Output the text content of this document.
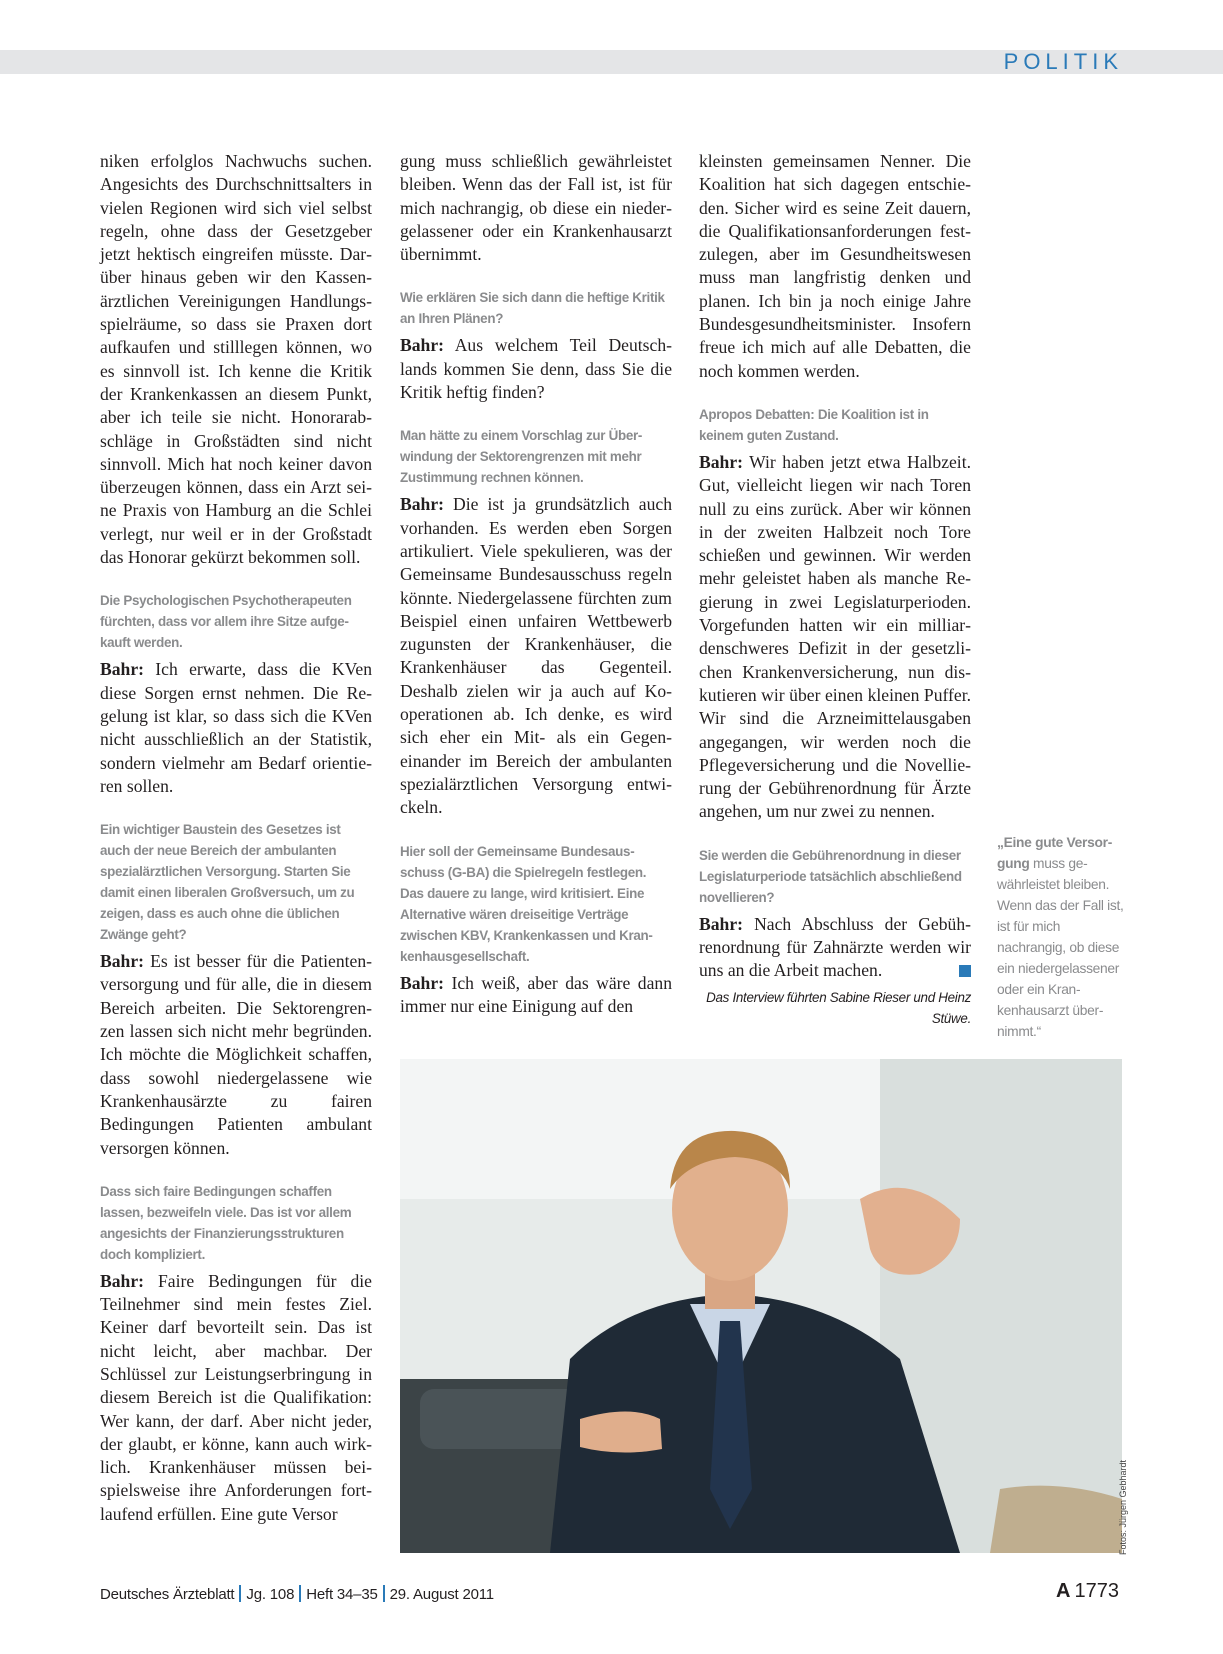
POLITIK
niken erfolglos Nachwuchs suchen. Angesichts des Durchschnittsalters in vielen Regionen wird sich viel selbst regeln, ohne dass der Gesetzgeber jetzt hektisch eingreifen müsste. Darüber hinaus geben wir den Kassenärztlichen Vereinigungen Handlungsspielräume, so dass sie Praxen dort aufkaufen und stilllegen können, wo es sinnvoll ist. Ich kenne die Kritik der Krankenkassen an diesem Punkt, aber ich teile sie nicht. Honorarabschläge in Großstädten sind nicht sinnvoll. Mich hat noch keiner davon überzeugen können, dass ein Arzt seine Praxis von Hamburg an die Schlei verlegt, nur weil er in der Großstadt das Honorar gekürzt bekommen soll.
Die Psychologischen Psychotherapeuten fürchten, dass vor allem ihre Sitze aufgekauft werden.
Bahr: Ich erwarte, dass die KVen diese Sorgen ernst nehmen. Die Regelung ist klar, so dass sich die KVen nicht ausschließlich an der Statistik, sondern vielmehr am Bedarf orientieren sollen.
Ein wichtiger Baustein des Gesetzes ist auch der neue Bereich der ambulanten spezialärztlichen Versorgung. Starten Sie damit einen liberalen Großversuch, um zu zeigen, dass es auch ohne die üblichen Zwänge geht?
Bahr: Es ist besser für die Patientenversorgung und für alle, die in diesem Bereich arbeiten. Die Sektorengrenzen lassen sich nicht mehr begründen. Ich möchte die Möglichkeit schaffen, dass sowohl niedergelassene wie Krankenhausärzte zu fairen Bedingungen Patienten ambulant versorgen können.
Dass sich faire Bedingungen schaffen lassen, bezweifeln viele. Das ist vor allem angesichts der Finanzierungsstrukturen doch kompliziert.
Bahr: Faire Bedingungen für die Teilnehmer sind mein festes Ziel. Keiner darf bevorteilt sein. Das ist nicht leicht, aber machbar. Der Schlüssel zur Leistungserbringung in diesem Bereich ist die Qualifikation: Wer kann, der darf. Aber nicht jeder, der glaubt, er könne, kann auch wirklich. Krankenhäuser müssen beispielsweise ihre Anforderungen fortlaufend erfüllen. Eine gute Versor
gung muss schließlich gewährleistet bleiben. Wenn das der Fall ist, ist für mich nachrangig, ob diese ein niedergelassener oder ein Krankenhausarzt übernimmt.
Wie erklären Sie sich dann die heftige Kritik an Ihren Plänen?
Bahr: Aus welchem Teil Deutschlands kommen Sie denn, dass Sie die Kritik heftig finden?
Man hätte zu einem Vorschlag zur Überwindung der Sektorengrenzen mit mehr Zustimmung rechnen können.
Bahr: Die ist ja grundsätzlich auch vorhanden. Es werden eben Sorgen artikuliert. Viele spekulieren, was der Gemeinsame Bundesausschuss regeln könnte. Niedergelassene fürchten zum Beispiel einen unfairen Wettbewerb zugunsten der Krankenhäuser, die Krankenhäuser das Gegenteil. Deshalb zielen wir ja auch auf Kooperationen ab. Ich denke, es wird sich eher ein Mit- als ein Gegeneinander im Bereich der ambulanten spezialärztlichen Versorgung entwickeln.
Hier soll der Gemeinsame Bundesausschuss (G-BA) die Spielregeln festlegen. Das dauere zu lange, wird kritisiert. Eine Alternative wären dreiseitige Verträge zwischen KBV, Krankenkassen und Krankenhausgesellschaft.
Bahr: Ich weiß, aber das wäre dann immer nur eine Einigung auf den
kleinsten gemeinsamen Nenner. Die Koalition hat sich dagegen entschieden. Sicher wird es seine Zeit dauern, die Qualifikationsanforderungen festzulegen, aber im Gesundheitswesen muss man langfristig denken und planen. Ich bin ja noch einige Jahre Bundesgesundheitsminister. Insofern freue ich mich auf alle Debatten, die noch kommen werden.
Apropos Debatten: Die Koalition ist in keinem guten Zustand.
Bahr: Wir haben jetzt etwa Halbzeit. Gut, vielleicht liegen wir nach Toren null zu eins zurück. Aber wir können in der zweiten Halbzeit noch Tore schießen und gewinnen. Wir werden mehr geleistet haben als manche Regierung in zwei Legislaturperioden. Vorgefunden hatten wir ein milliardenschweres Defizit in der gesetzlichen Krankenversicherung, nun diskutieren wir über einen kleinen Puffer. Wir sind die Arzneimittelausgaben angegangen, wir werden noch die Pflegeversicherung und die Novellierung der Gebührenordnung für Ärzte angehen, um nur zwei zu nennen.
Sie werden die Gebührenordnung in dieser Legislaturperiode tatsächlich abschließend novellieren?
Bahr: Nach Abschluss der Gebührenordnung für Zahnärzte werden wir uns an die Arbeit machen.
Das Interview führten Sabine Rieser und Heinz Stüwe.
„Eine gute Versorgung muss gewährleistet bleiben. Wenn das der Fall ist, ist für mich nachrangig, ob diese ein niedergelassener oder ein Krankenhausarzt übernimmt.“
Fotos: Jürgen Gebhardt
Deutsches Ärzteblatt Jg. 108 Heft 34–35 29. August 2011	A 1773
